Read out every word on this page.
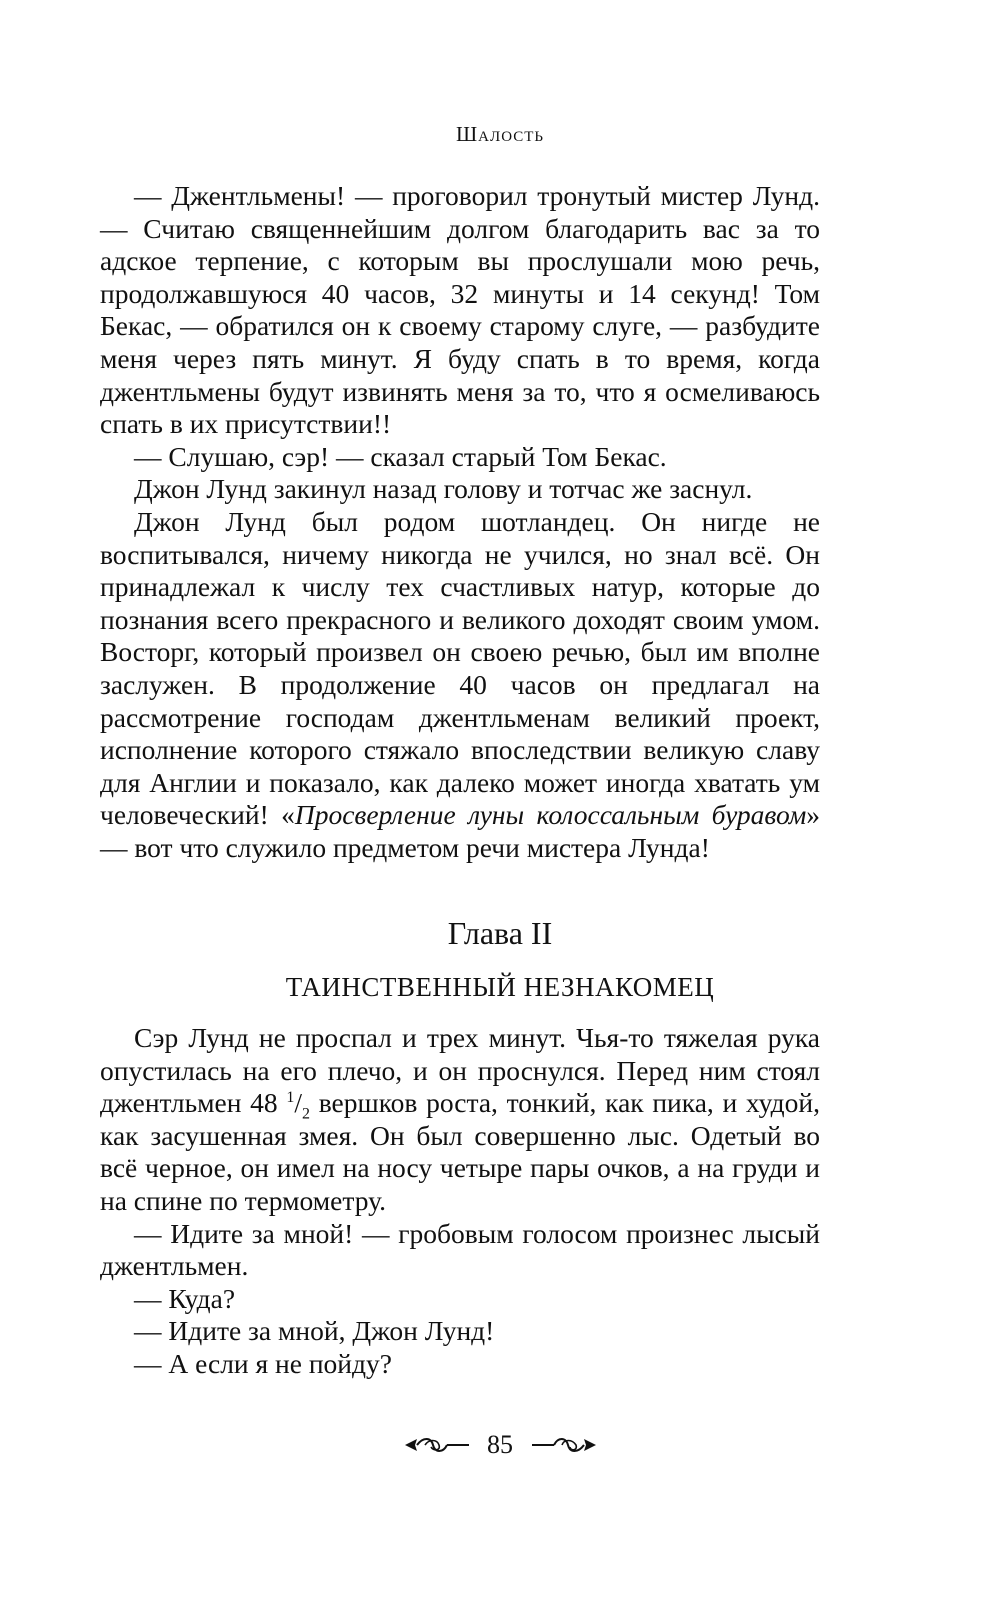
Шалость

— Джентльмены! — проговорил тронутый мистер Лунд. — Считаю священнейшим долгом благодарить вас за то адское терпение, с которым вы прослушали мою речь, продолжавшуюся 40 часов, 32 минуты и 14 секунд! Том Бекас, — обратился он к своему старому слуге, — разбудите меня через пять минут. Я буду спать в то время, когда джентльмены будут извинять меня за то, что я осмеливаюсь спать в их присутствии!!

— Слушаю, сэр! — сказал старый Том Бекас.

Джон Лунд закинул назад голову и тотчас же заснул.

Джон Лунд был родом шотландец. Он нигде не воспитывался, ничему никогда не учился, но знал всё. Он принадлежал к числу тех счастливых натур, которые до познания всего прекрасного и великого доходят своим умом. Восторг, который произвел он своею речью, был им вполне заслужен. В продолжение 40 часов он предлагал на рассмотрение господам джентльменам великий проект, исполнение которого стяжало впоследствии великую славу для Англии и показало, как далеко может иногда хватать ум человеческий! «Просверление луны колоссальным буравом» — вот что служило предметом речи мистера Лунда!

Глава II
ТАИНСТВЕННЫЙ НЕЗНАКОМЕЦ

Сэр Лунд не проспал и трех минут. Чья-то тяжелая рука опустилась на его плечо, и он проснулся. Перед ним стоял джентльмен 48 $^1/_2$ вершков роста, тонкий, как пика, и худой, как засушенная змея. Он был совершенно лыс. Одетый во всё черное, он имел на носу четыре пары очков, а на груди и на спине по термометру.

— Идите за мной! — гробовым голосом произнес лысый джентльмен.

— Куда?

— Идите за мной, Джон Лунд!

— А если я не пойду?

85
